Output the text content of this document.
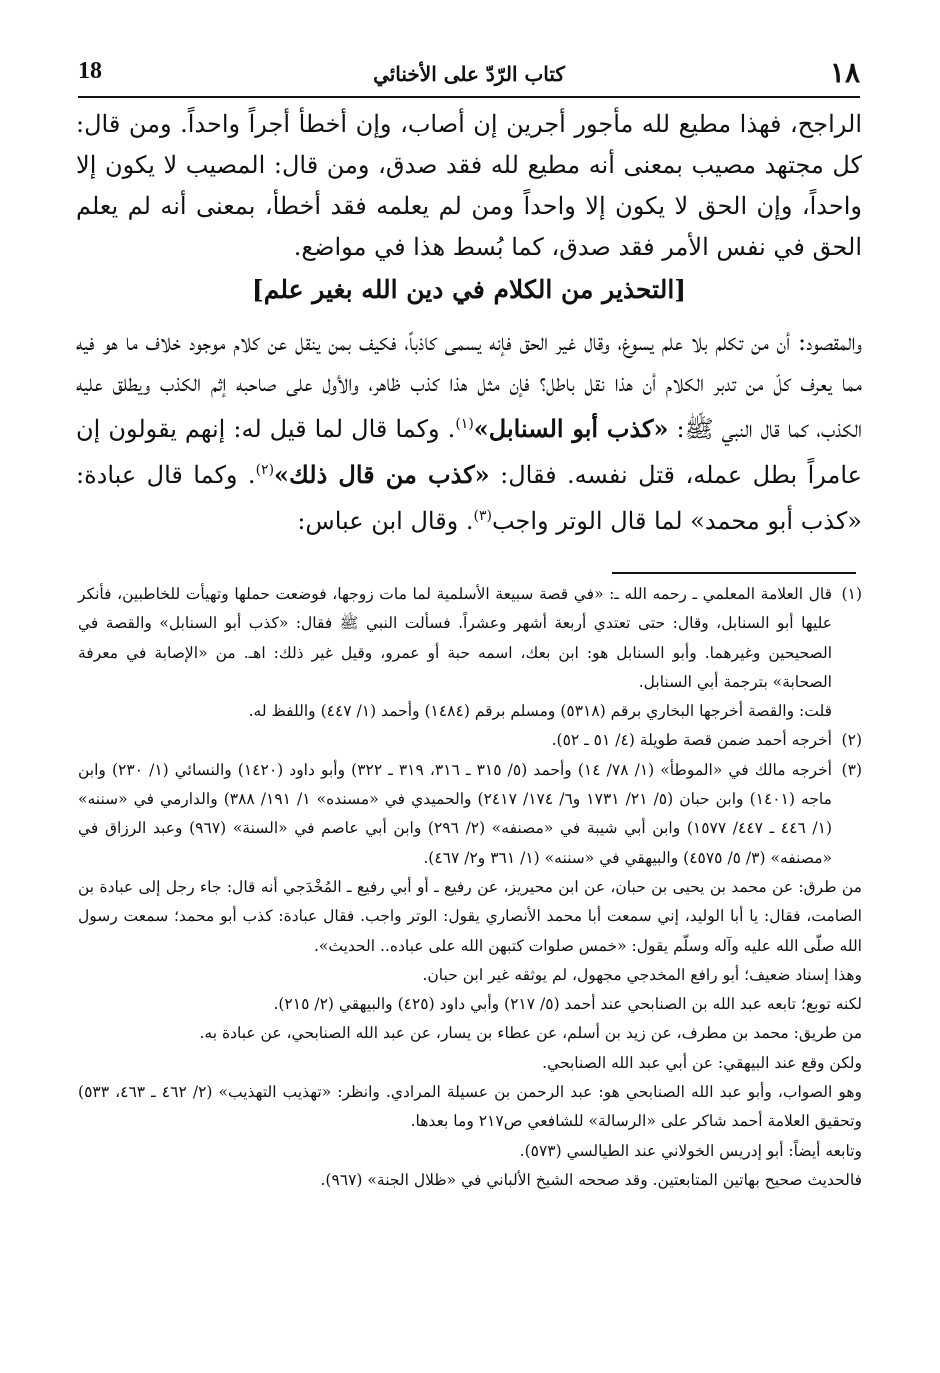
١٨
كتاب الرّدّ على الأخنائي
18

الراجح، فهذا مطيع لله مأجور أجرين إن أصاب، وإن أخطأ أجراً واحداً. ومن قال: كل مجتهد مصيب بمعنى أنه مطيع لله فقد صدق، ومن قال: المصيب لا يكون إلا واحداً، وإن الحق لا يكون إلا واحداً ومن لم يعلمه فقد أخطأ، بمعنى أنه لم يعلم الحق في نفس الأمر فقد صدق، كما بُسط هذا في مواضع.

[التحذير من الكلام في دين الله بغير علم]

والمقصود: أن من تكلم بلا علم يسوغ، وقال غير الحق فإنه يسمى كاذباً، فكيف بمن ينقل عن كلام موجود خلاف ما هو فيه مما يعرف كلّ من تدبر الكلام أن هذا نقل باطل؟ فإن مثل هذا كذب ظاهر، والأول على صاحبه إثم الكذب ويطلق عليه الكذب، كما قال النبي ﷺ: «كذب أبو السنابل»$^{(١)}$. وكما قال لما قيل له: إنهم يقولون إن عامراً بطل عمله، قتل نفسه. فقال: «كذب من قال ذلك»$^{(٢)}$. وكما قال عبادة: «كذب أبو محمد» لما قال الوتر واجب$^{(٣)}$. وقال ابن عباس:

(١)

قال العلامة المعلمي ـ رحمه الله ـ: «في قصة سبيعة الأسلمية لما مات زوجها، فوضعت حملها وتهيأت للخاطبين، فأنكر عليها أبو السنابل، وقال: حتى تعتدي أربعة أشهر وعشراً. فسألت النبي ﷺ فقال: «كذب أبو السنابل» والقصة في الصحيحين وغيرهما. وأبو السنابل هو: ابن بعك، اسمه حبة أو عمرو، وقيل غير ذلك: اهـ. من «الإصابة في معرفة الصحابة» بترجمة أبي السنابل.

قلت: والقصة أخرجها البخاري برقم (٥٣١٨) ومسلم برقم (١٤٨٤) وأحمد (١/ ٤٤٧) واللفظ له.

(٢)

أخرجه أحمد ضمن قصة طويلة (٤/ ٥١ ـ ٥٢).

(٣)

أخرجه مالك في «الموطأ» (١/ ٧٨/ ١٤) وأحمد (٥/ ٣١٥ ـ ٣١٦، ٣١٩ ـ ٣٢٢) وأبو داود (١٤٢٠) والنسائي (١/ ٢٣٠) وابن ماجه (١٤٠١) وابن حبان (٥/ ٢١/ ١٧٣١ و٦/ ١٧٤/ ٢٤١٧) والحميدي في «مسنده» ١/ ١٩١/ ٣٨٨) والدارمي في «سننه» (١/ ٤٤٦ ـ ٤٤٧/ ١٥٧٧) وابن أبي شيبة في «مصنفه» (٢/ ٢٩٦) وابن أبي عاصم في «السنة» (٩٦٧) وعبد الرزاق في «مصنفه» (٣/ ٥/ ٤٥٧٥) والبيهقي في «سننه» (١/ ٣٦١ و٢/ ٤٦٧).

من طرق: عن محمد بن يحيى بن حبان، عن ابن محيريز، عن رفيع ـ أو أبي رفيع ـ المُخْدَجي أنه قال: جاء رجل إلى عبادة بن الصامت، فقال: يا أبا الوليد، إني سمعت أبا محمد الأنصاري يقول: الوتر واجب. فقال عبادة: كذب أبو محمد؛ سمعت رسول الله صلّى الله عليه وآله وسلّم يقول: «خمس صلوات كتبهن الله على عباده.. الحديث».

وهذا إسناد ضعيف؛ أبو رافع المخدجي مجهول، لم يوثقه غير ابن حبان.

لكنه توبع؛ تابعه عبد الله بن الصنابحي عند أحمد (٥/ ٢١٧) وأبي داود (٤٢٥) والبيهقي (٢/ ٢١٥).

من طريق: محمد بن مطرف، عن زيد بن أسلم، عن عطاء بن يسار، عن عبد الله الصنابحي، عن عبادة به.

ولكن وقع عند البيهقي: عن أبي عبد الله الصنابحي.

وهو الصواب، وأبو عبد الله الصنابحي هو: عبد الرحمن بن عسيلة المرادي. وانظر: «تهذيب التهذيب» (٢/ ٤٦٢ ـ ٤٦٣، ٥٣٣) وتحقيق العلامة أحمد شاكر على «الرسالة» للشافعي ص٢١٧ وما بعدها.

وتابعه أيضاً: أبو إدريس الخولاني عند الطيالسي (٥٧٣).

فالحديث صحيح بهاتين المتابعتين. وقد صححه الشيخ الألباني في «ظلال الجنة» (٩٦٧).
